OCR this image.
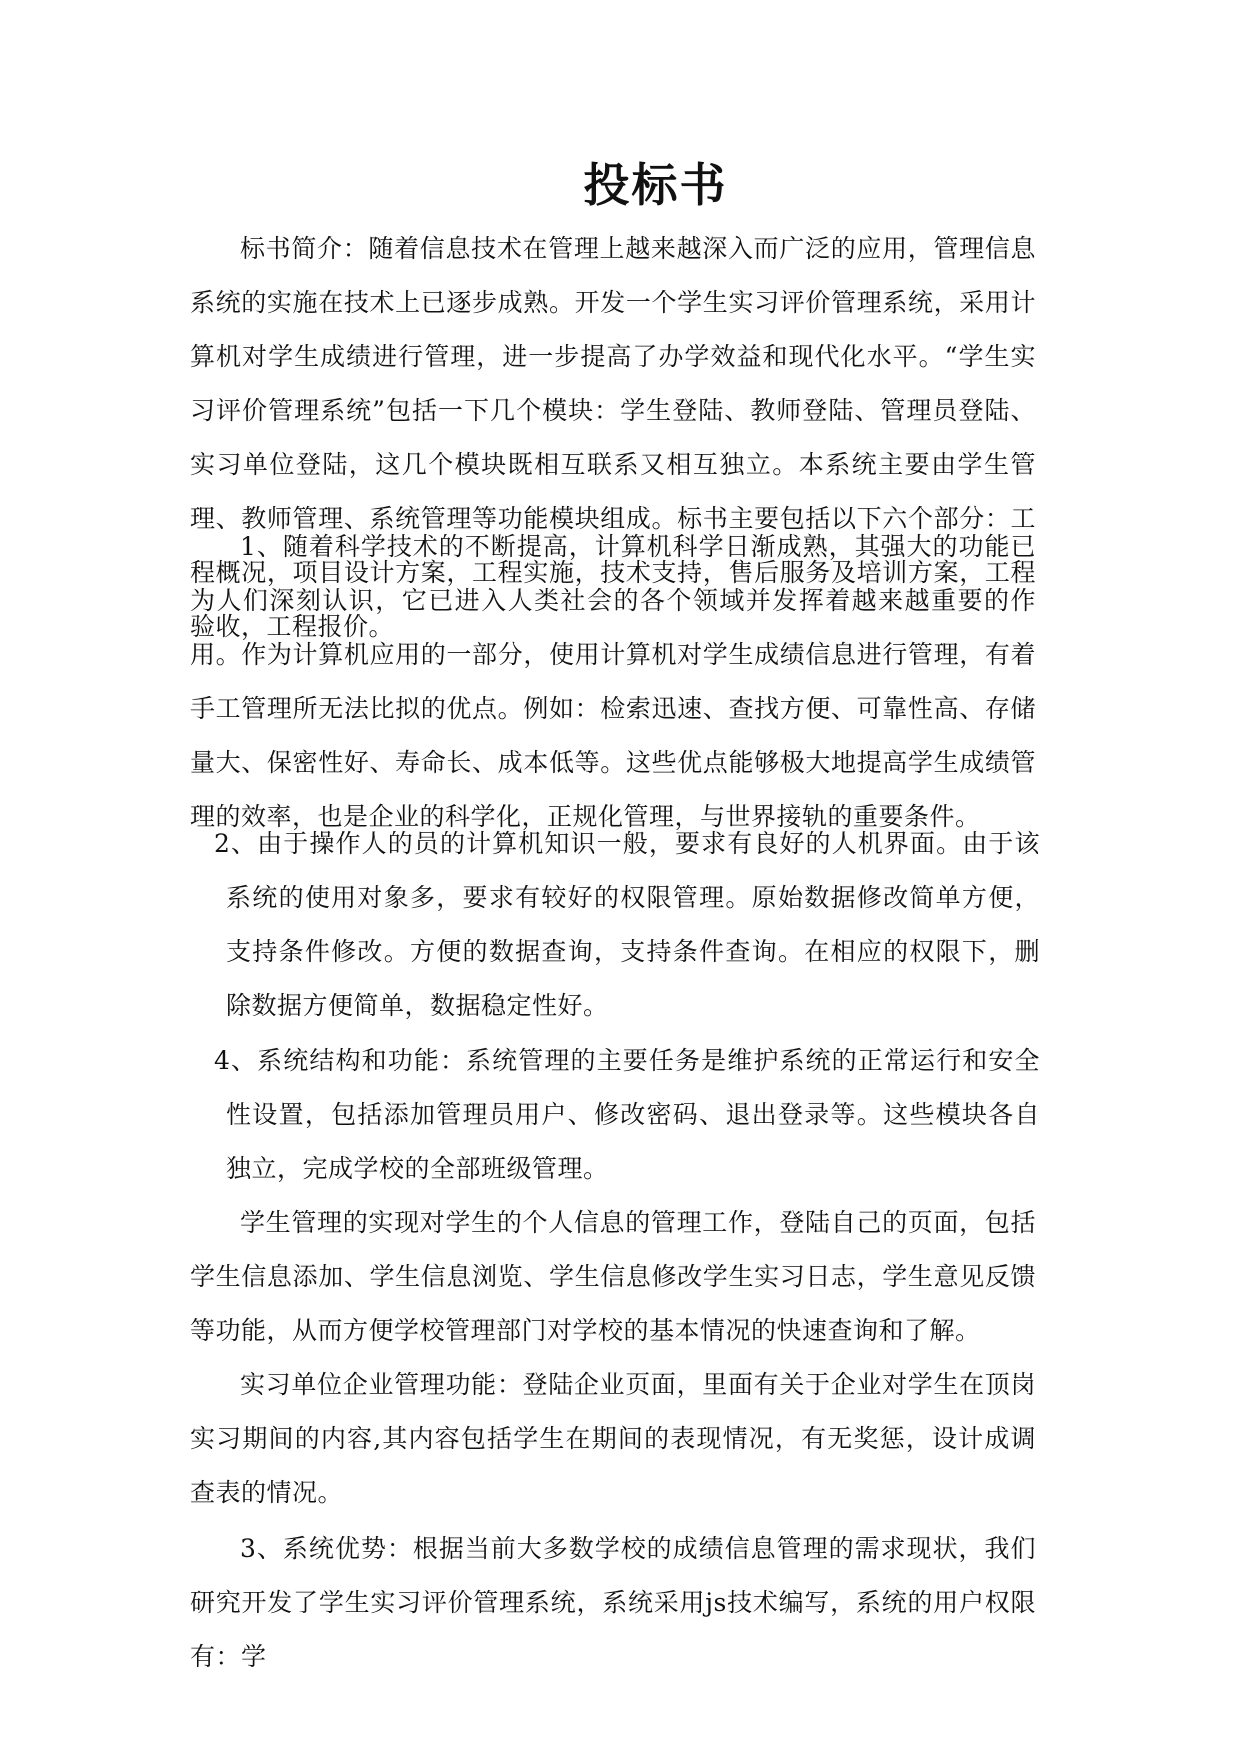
投标书

标书简介：随着信息技术在管理上越来越深入而广泛的应用，管理信息系统的实施在技术上已逐步成熟。开发一个学生实习评价管理系统，采用计算机对学生成绩进行管理，进一步提高了办学效益和现代化水平。“学生实习评价管理系统”包括一下几个模块：学生登陆、教师登陆、管理员登陆、实习单位登陆，这几个模块既相互联系又相互独立。本系统主要由学生管理、教师管理、系统管理等功能模块组成。标书主要包括以下六个部分：工程概况，项目设计方案，工程实施，技术支持，售后服务及培训方案，工程验收，工程报价。

1、随着科学技术的不断提高，计算机科学日渐成熟，其强大的功能已为人们深刻认识，它已进入人类社会的各个领域并发挥着越来越重要的作用。作为计算机应用的一部分，使用计算机对学生成绩信息进行管理，有着手工管理所无法比拟的优点。例如：检索迅速、查找方便、可靠性高、存储量大、保密性好、寿命长、成本低等。这些优点能够极大地提高学生成绩管理的效率，也是企业的科学化，正规化管理，与世界接轨的重要条件。

2、由于操作人的员的计算机知识一般，要求有良好的人机界面。由于该系统的使用对象多，要求有较好的权限管理。原始数据修改简单方便，支持条件修改。方便的数据查询，支持条件查询。在相应的权限下，删除数据方便简单，数据稳定性好。

4、系统结构和功能：系统管理的主要任务是维护系统的正常运行和安全性设置，包括添加管理员用户、修改密码、退出登录等。这些模块各自独立，完成学校的全部班级管理。

学生管理的实现对学生的个人信息的管理工作，登陆自己的页面，包括学生信息添加、学生信息浏览、学生信息修改学生实习日志，学生意见反馈等功能，从而方便学校管理部门对学校的基本情况的快速查询和了解。

实习单位企业管理功能：登陆企业页面，里面有关于企业对学生在顶岗实习期间的内容,其内容包括学生在期间的表现情况，有无奖惩，设计成调查表的情况。

3、系统优势：根据当前大多数学校的成绩信息管理的需求现状，我们研究开发了学生实习评价管理系统，系统采用js技术编写，系统的用户权限有：学
